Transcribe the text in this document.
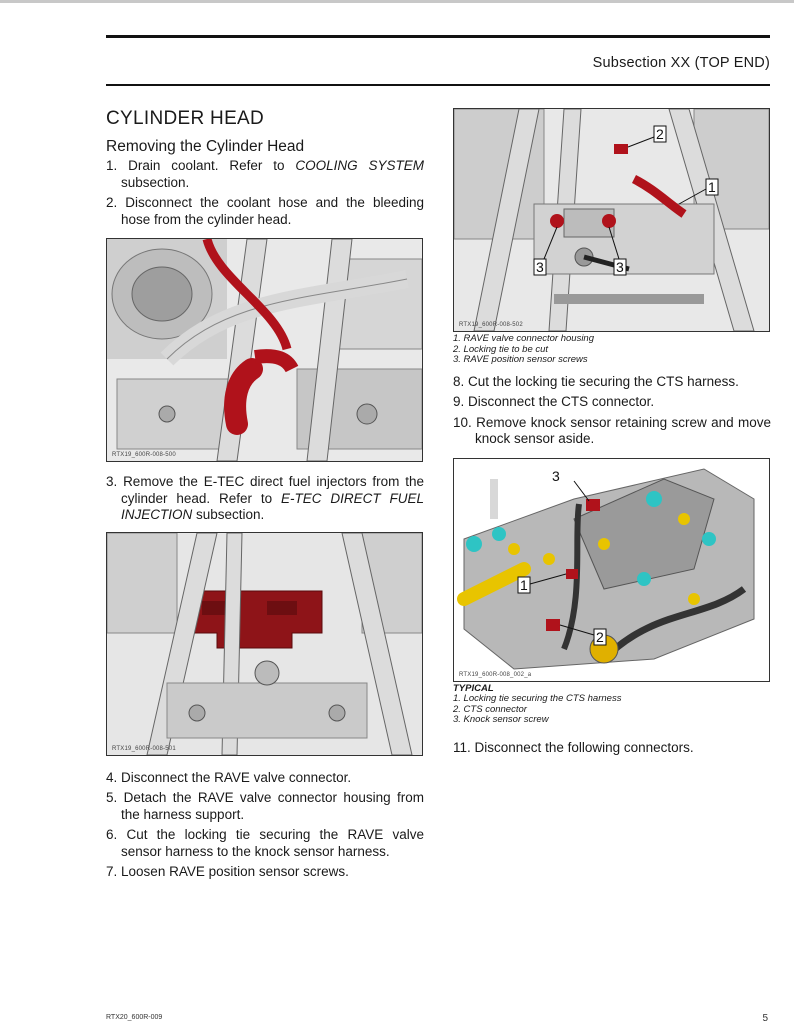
Subsection XX (TOP END)
CYLINDER HEAD
Removing the Cylinder Head
1. Drain coolant. Refer to COOLING SYSTEM subsection.
2. Disconnect the coolant hose and the bleeding hose from the cylinder head.
RTX19_600R-008-500
3. Remove the E-TEC direct fuel injectors from the cylinder head. Refer to E-TEC DIRECT FUEL INJECTION subsection.
RTX19_600R-008-501
4. Disconnect the RAVE valve connector.
5. Detach the RAVE valve connector housing from the harness support.
6. Cut the locking tie securing the RAVE valve sensor harness to the knock sensor harness.
7. Loosen RAVE position sensor screws.
2
1
3	3
RTX19_600R-008-502
1. RAVE valve connector housing
2. Locking tie to be cut
3. RAVE position sensor screws
8. Cut the locking tie securing the CTS harness.
9. Disconnect the CTS connector.
10. Remove knock sensor retaining screw and move knock sensor aside.
3
1
2
RTX19_600R-008_002_a
TYPICAL
1. Locking tie securing the CTS harness
2. CTS connector
3. Knock sensor screw
11. Disconnect the following connectors.
RTX20_600R-009	5
